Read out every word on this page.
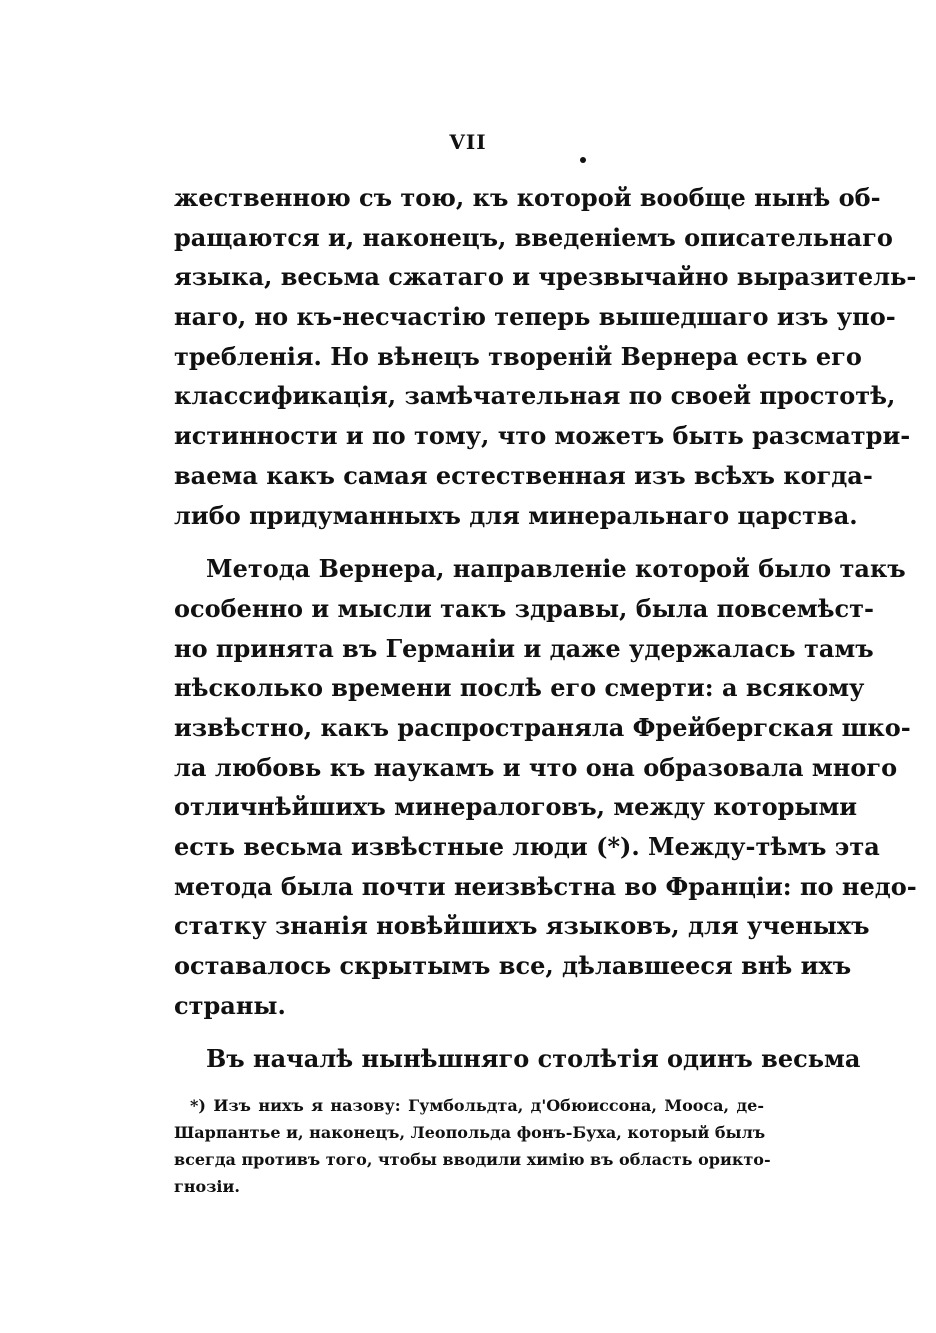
VII
жественною съ тою, къ которой вообще нынѣ об-
ращаются и, наконецъ, введеніемъ описательнаго
языка, весьма сжатаго и чрезвычайно выразитель-
наго, но къ-несчастію теперь вышедшаго изъ упо-
требленія. Но вѣнецъ твореній Вернера есть его
классификація, замѣчательная по своей простотѣ,
истинности и по тому, что можетъ быть разсматри-
ваема какъ самая естественная изъ всѣхъ когда-
либо придуманныхъ для минеральнаго царства.
Метода Вернера, направленіе которой было такъ
особенно и мысли такъ здравы, была повсемѣст-
но принята въ Германіи и даже удержалась тамъ
нѣсколько времени послѣ его смерти: а всякому
извѣстно, какъ распространяла Фрейбергская шко-
ла любовь къ наукамъ и что она образовала много
отличнѣйшихъ минералоговъ, между которыми
есть весьма извѣстные люди (*). Между-тѣмъ эта
метода была почти неизвѣстна во Франціи: по недо-
статку знанія новѣйшихъ языковъ, для ученыхъ
оставалось скрытымъ все, дѣлавшееся внѣ ихъ
страны.
Въ началѣ нынѣшняго столѣтія одинъ весьма
*) Изъ нихъ я назову: Гумбольдта, д'Обюиссона, Мооса, де-
Шарпантье и, наконецъ, Леопольда фонъ-Буха, который былъ
всегда противъ того, чтобы вводили химію въ область орикто-
гнозіи.
